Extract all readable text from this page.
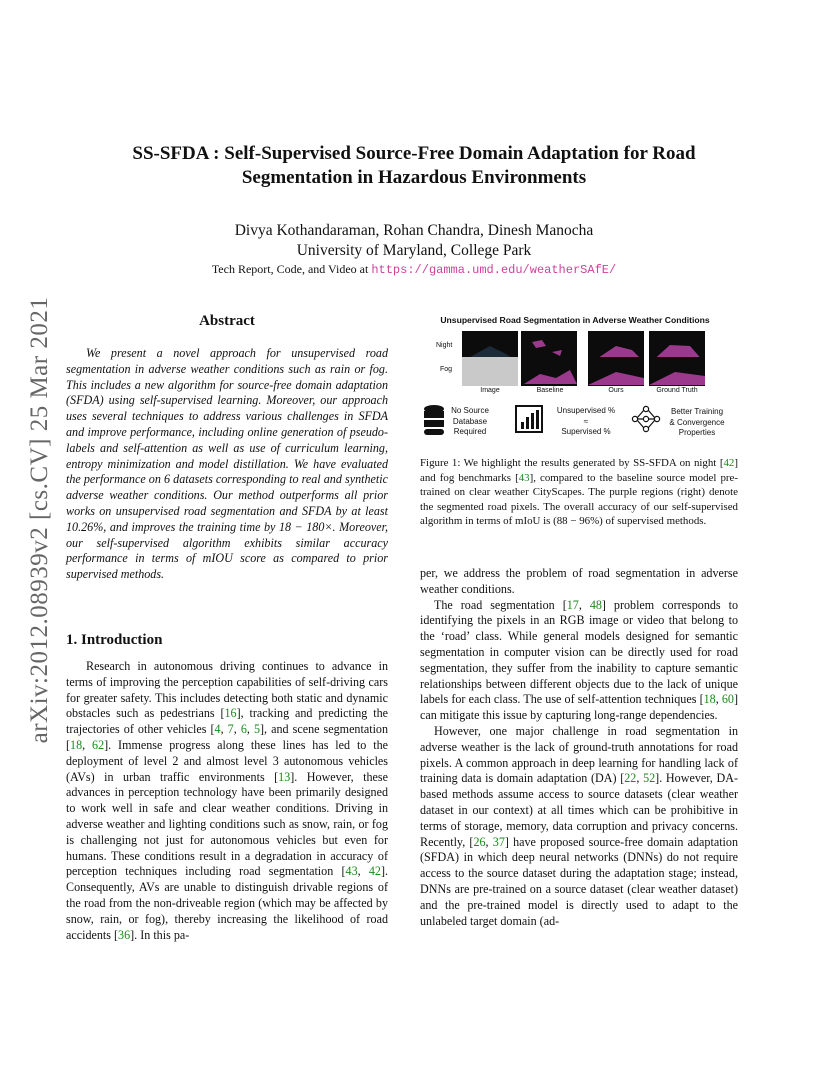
arXiv:2012.08939v2 [cs.CV] 25 Mar 2021
SS-SFDA : Self-Supervised Source-Free Domain Adaptation for Road
Segmentation in Hazardous Environments
Divya Kothandaraman, Rohan Chandra, Dinesh Manocha
University of Maryland, College Park
Tech Report, Code, and Video at https://gamma.umd.edu/weatherSAfE/
Abstract

We present a novel approach for unsupervised road segmentation in adverse weather conditions such as rain or fog. This includes a new algorithm for source-free domain adaptation (SFDA) using self-supervised learning. Moreover, our approach uses several techniques to address various challenges in SFDA and improve performance, including online generation of pseudo-labels and self-attention as well as use of curriculum learning, entropy minimization and model distillation. We have evaluated the performance on 6 datasets corresponding to real and synthetic adverse weather conditions. Our method outperforms all prior works on unsupervised road segmentation and SFDA by at least 10.26%, and improves the training time by 18 − 180×. Moreover, our self-supervised algorithm exhibits similar accuracy performance in terms of mIOU score as compared to prior supervised methods.

1. Introduction

Research in autonomous driving continues to advance in terms of improving the perception capabilities of self-driving cars for greater safety. This includes detecting both static and dynamic obstacles such as pedestrians [16], tracking and predicting the trajectories of other vehicles [4, 7, 6, 5], and scene segmentation [18, 62]. Immense progress along these lines has led to the deployment of level 2 and almost level 3 autonomous vehicles (AVs) in urban traffic environments [13]. However, these advances in perception technology have been primarily designed to work well in safe and clear weather conditions. Driving in adverse weather and lighting conditions such as snow, rain, or fog is challenging not just for autonomous vehicles but even for humans. These conditions result in a degradation in accuracy of perception techniques including road segmentation [43, 42]. Consequently, AVs are unable to distinguish drivable regions of the road from the non-driveable region (which may be affected by snow, rain, or fog), thereby increasing the likelihood of road accidents [36]. In this pa-

Unsupervised Road Segmentation in Adverse Weather Conditions
Night
Fog
Image	Baseline	Ours	Ground Truth
No Source
Database
Required
Unsupervised %
≈
Supervised %
Better Training
& Convergence
Properties
Figure 1: We highlight the results generated by SS-SFDA on night [42] and fog benchmarks [43], compared to the baseline source model pre-trained on clear weather CityScapes. The purple regions (right) denote the segmented road pixels. The overall accuracy of our self-supervised algorithm in terms of mIoU is (88 − 96%) of supervised methods.

per, we address the problem of road segmentation in adverse weather conditions.

The road segmentation [17, 48] problem corresponds to identifying the pixels in an RGB image or video that belong to the ‘road’ class. While general models designed for semantic segmentation in computer vision can be directly used for road segmentation, they suffer from the inability to capture semantic relationships between different objects due to the lack of unique labels for each class. The use of self-attention techniques [18, 60] can mitigate this issue by capturing long-range dependencies.

However, one major challenge in road segmentation in adverse weather is the lack of ground-truth annotations for road pixels. A common approach in deep learning for handling lack of training data is domain adaptation (DA) [22, 52]. However, DA-based methods assume access to source datasets (clear weather dataset in our context) at all times which can be prohibitive in terms of storage, memory, data corruption and privacy concerns. Recently, [26, 37] have proposed source-free domain adaptation (SFDA) in which deep neural networks (DNNs) do not require access to the source dataset during the adaptation stage; instead, DNNs are pre-trained on a source dataset (clear weather dataset) and the pre-trained model is directly used to adapt to the unlabeled target domain (ad-
